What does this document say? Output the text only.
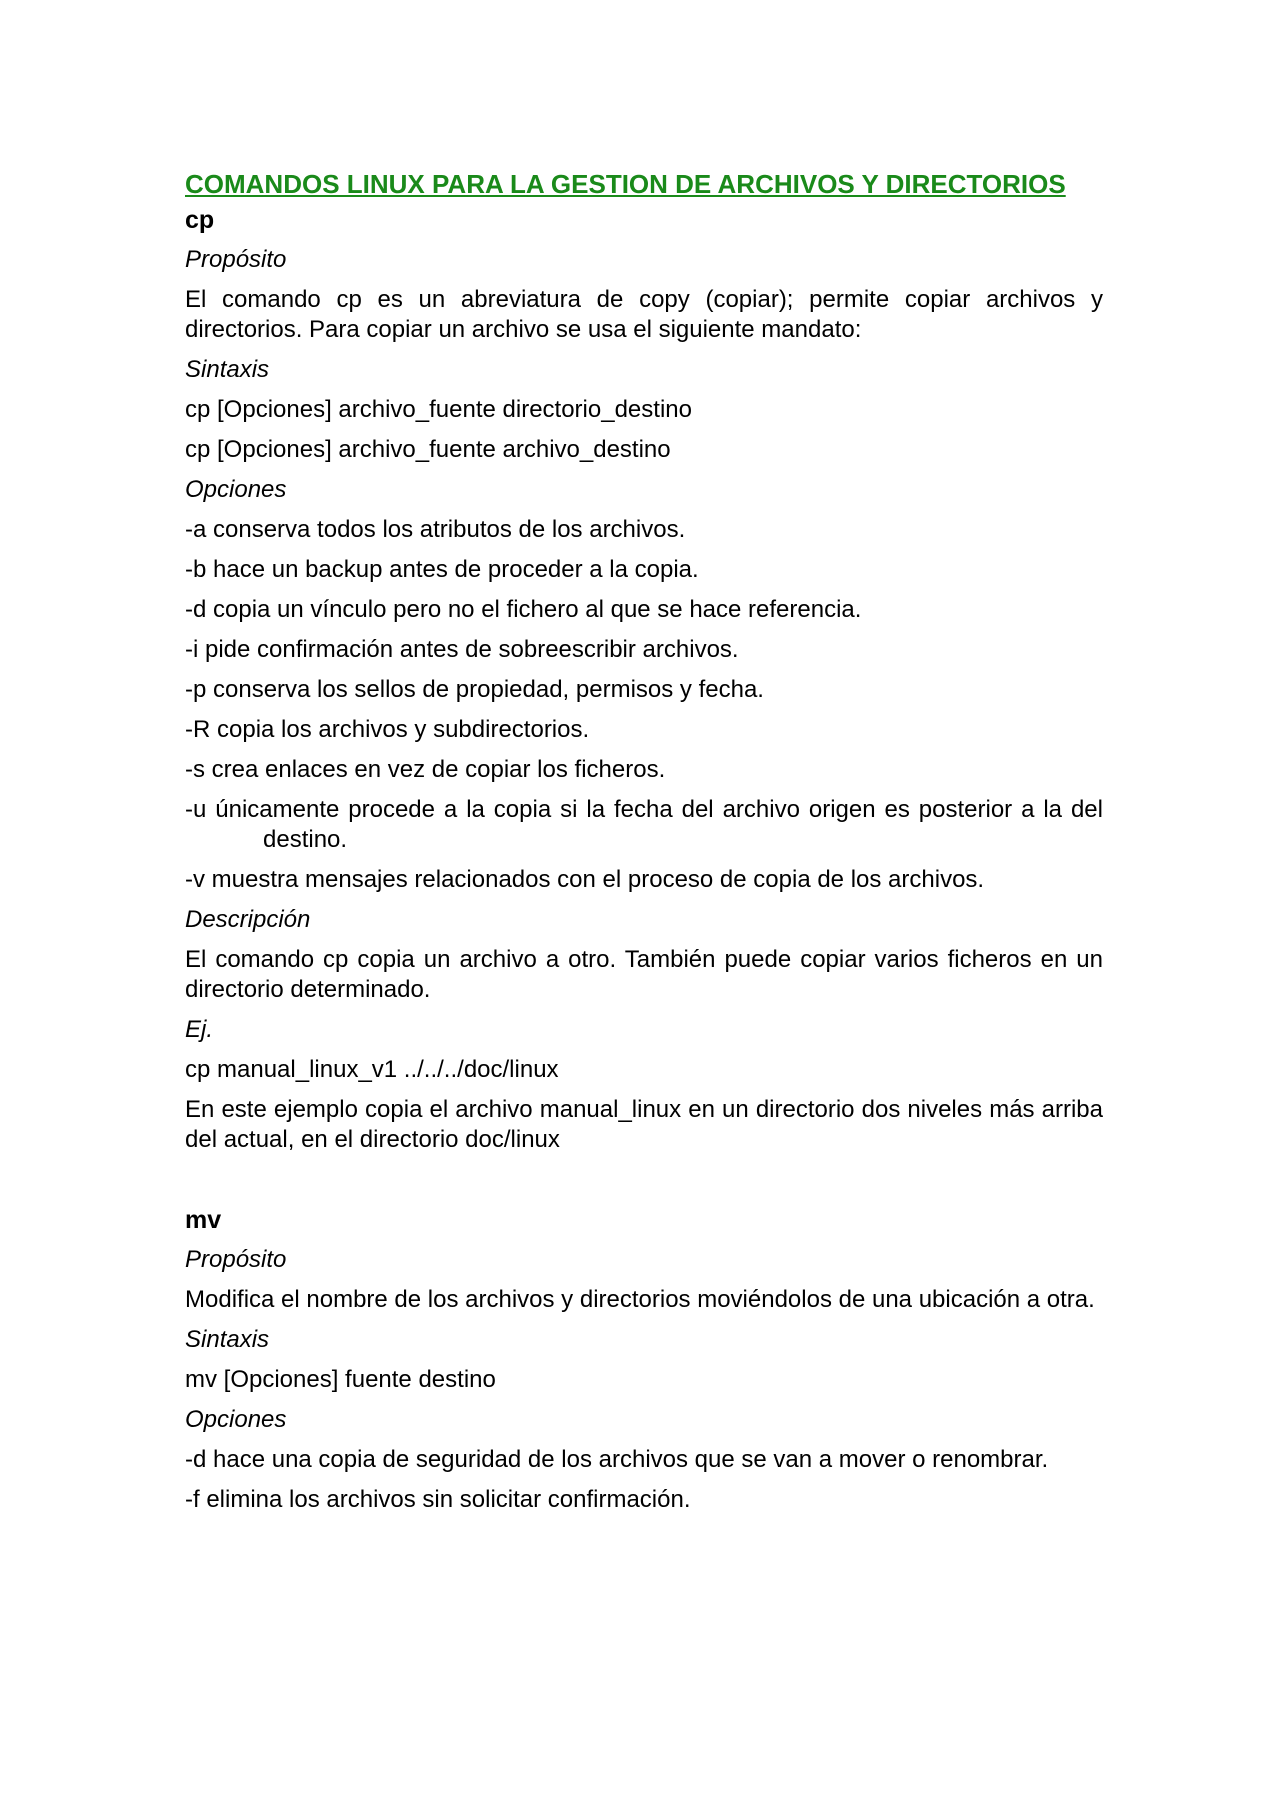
COMANDOS LINUX PARA LA GESTION DE ARCHIVOS Y DIRECTORIOS
cp
Propósito
El comando cp es un abreviatura de copy (copiar); permite copiar archivos y directorios. Para copiar un archivo se usa el siguiente mandato:
Sintaxis
cp [Opciones] archivo_fuente directorio_destino
cp [Opciones] archivo_fuente archivo_destino
Opciones
-a conserva todos los atributos de los archivos.
-b hace un backup antes de proceder a la copia.
-d copia un vínculo pero no el fichero al que se hace referencia.
-i pide confirmación antes de sobreescribir archivos.
-p conserva los sellos de propiedad, permisos y fecha.
-R copia los archivos y subdirectorios.
-s crea enlaces en vez de copiar los ficheros.
-u únicamente procede a la copia si la fecha del archivo origen es posterior a la del destino.
-v muestra mensajes relacionados con el proceso de copia de los archivos.
Descripción
El comando cp copia un archivo a otro. También puede copiar varios ficheros en un directorio determinado.
Ej.
cp manual_linux_v1 ../../../doc/linux
En este ejemplo copia el archivo manual_linux en un directorio dos niveles más arriba del actual, en el directorio doc/linux
mv
Propósito
Modifica el nombre de los archivos y directorios moviéndolos de una ubicación a otra.
Sintaxis
mv [Opciones] fuente destino
Opciones
-d hace una copia de seguridad de los archivos que se van a mover o renombrar.
-f elimina los archivos sin solicitar confirmación.
